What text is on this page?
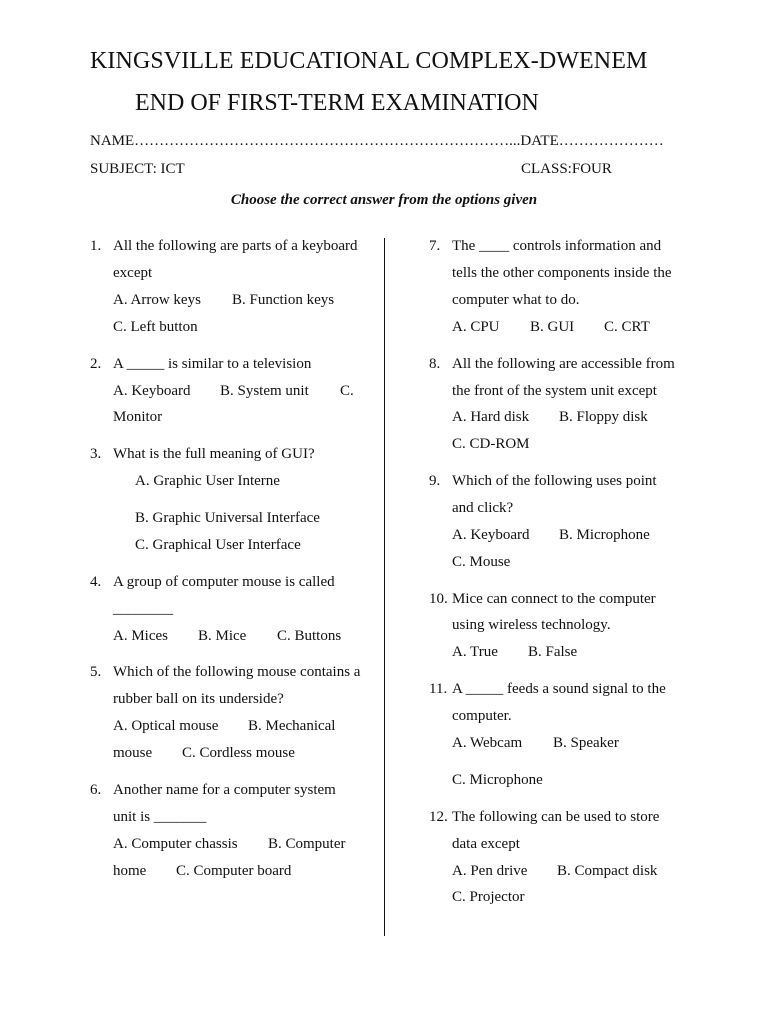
KINGSVILLE EDUCATIONAL COMPLEX-DWENEM
END OF FIRST-TERM EXAMINATION
NAME…………………………………………………………………...DATE…………………
SUBJECT: ICT	CLASS:FOUR
Choose the correct answer from the options given
1. All the following are parts of a keyboard
except
A. Arrow keys B. Function keys
C. Left button
2. A _____ is similar to a television
A. Keyboard B. System unit C.
Monitor
3. What is the full meaning of GUI?
A. Graphic User Interne
B. Graphic Universal Interface
C. Graphical User Interface
4. A group of computer mouse is called
________
A. Mices B. Mice C. Buttons
5. Which of the following mouse contains a
rubber ball on its underside?
A. Optical mouse B. Mechanical
mouse C. Cordless mouse
6. Another name for a computer system
unit is _______
A. Computer chassis B. Computer
home C. Computer board
7. The ____ controls information and
tells the other components inside the
computer what to do.
A. CPU B. GUI C. CRT
8. All the following are accessible from
the front of the system unit except
A. Hard disk B. Floppy disk
C. CD-ROM
9. Which of the following uses point
and click?
A. Keyboard B. Microphone
C. Mouse
10. Mice can connect to the computer
using wireless technology.
A. True B. False
11. A _____ feeds a sound signal to the
computer.
A. Webcam B. Speaker
C. Microphone
12. The following can be used to store
data except
A. Pen drive B. Compact disk
C. Projector
